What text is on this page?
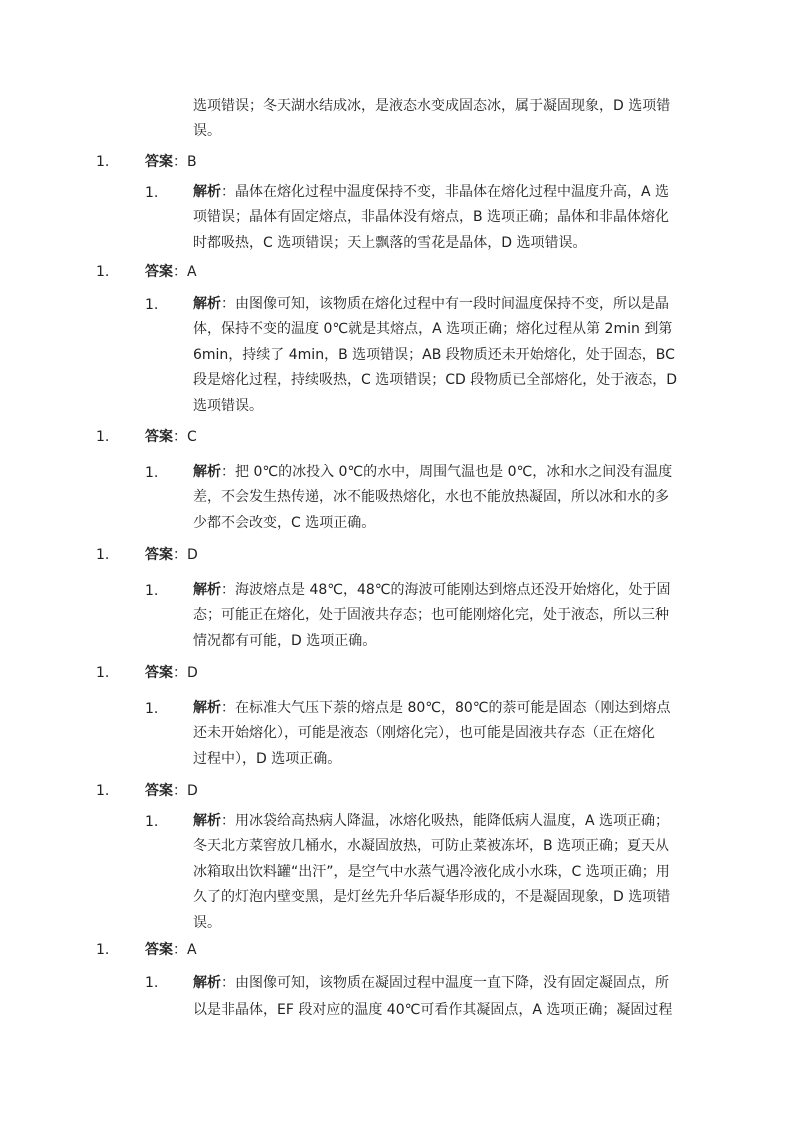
选项错误；冬天湖水结成冰，是液态水变成固态冰，属于凝固现象，D 选项错
误。
1.	答案：B
1. 解析：晶体在熔化过程中温度保持不变，非晶体在熔化过程中温度升高，A 选
项错误；晶体有固定熔点，非晶体没有熔点，B 选项正确；晶体和非晶体熔化
时都吸热，C 选项错误；天上飘落的雪花是晶体，D 选项错误。
1.	答案：A
1. 解析：由图像可知，该物质在熔化过程中有一段时间温度保持不变，所以是晶
体，保持不变的温度 0℃就是其熔点，A 选项正确；熔化过程从第 2min 到第
6min，持续了 4min，B 选项错误；AB 段物质还未开始熔化，处于固态，BC
段是熔化过程，持续吸热，C 选项错误；CD 段物质已全部熔化，处于液态，D
选项错误。
1.	答案：C
1. 解析：把 0℃的冰投入 0℃的水中，周围气温也是 0℃，冰和水之间没有温度
差，不会发生热传递，冰不能吸热熔化，水也不能放热凝固，所以冰和水的多
少都不会改变，C 选项正确。
1.	答案：D
1. 解析：海波熔点是 48℃，48℃的海波可能刚达到熔点还没开始熔化，处于固
态；可能正在熔化，处于固液共存态；也可能刚熔化完，处于液态，所以三种
情况都有可能，D 选项正确。
1.	答案：D
1. 解析：在标准大气压下萘的熔点是 80℃，80℃的萘可能是固态（刚达到熔点
还未开始熔化），可能是液态（刚熔化完），也可能是固液共存态（正在熔化
过程中），D 选项正确。
1.	答案：D
1. 解析：用冰袋给高热病人降温，冰熔化吸热，能降低病人温度，A 选项正确；
冬天北方菜窖放几桶水，水凝固放热，可防止菜被冻坏，B 选项正确；夏天从
冰箱取出饮料罐“出汗”，是空气中水蒸气遇冷液化成小水珠，C 选项正确；用
久了的灯泡内壁变黑，是灯丝先升华后凝华形成的，不是凝固现象，D 选项错
误。
1.	答案：A
1. 解析：由图像可知，该物质在凝固过程中温度一直下降，没有固定凝固点，所
以是非晶体，EF 段对应的温度 40℃可看作其凝固点，A 选项正确；凝固过程
